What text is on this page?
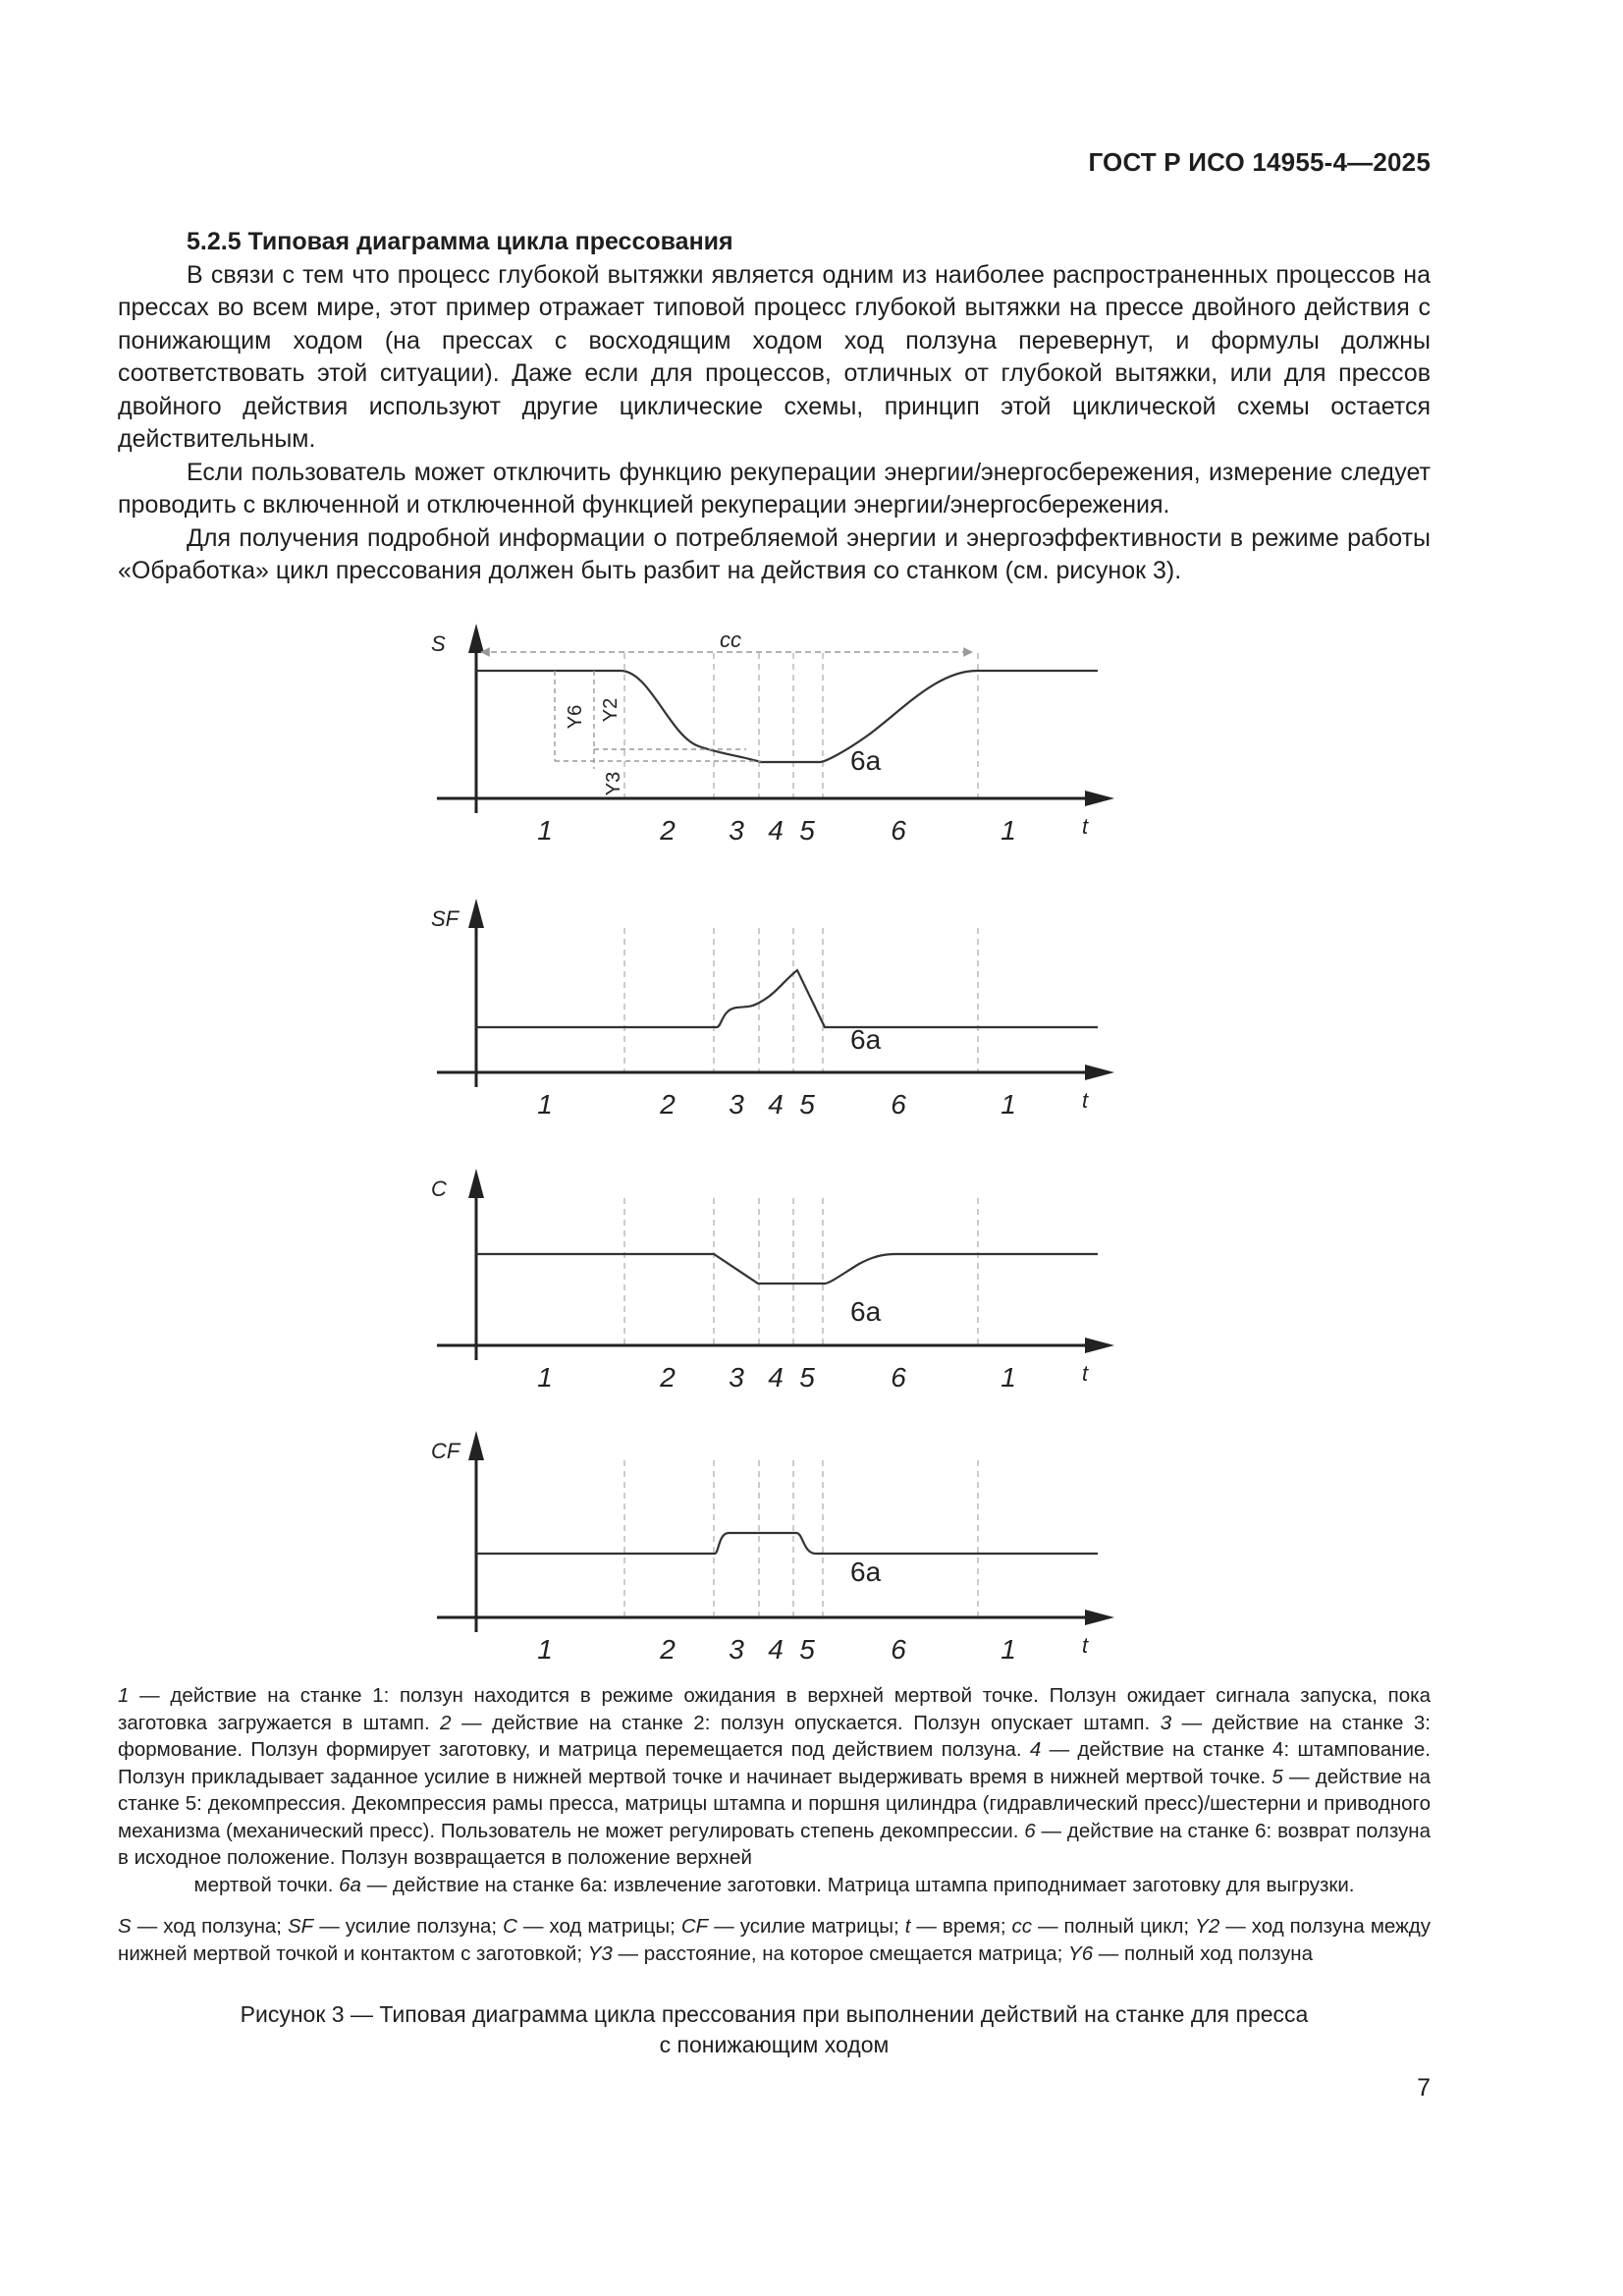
ГОСТ Р ИСО 14955-4—2025
5.2.5 Типовая диаграмма цикла прессования

В связи с тем что процесс глубокой вытяжки является одним из наиболее распространенных процессов на прессах во всем мире, этот пример отражает типовой процесс глубокой вытяжки на прессе двойного действия с понижающим ходом (на прессах с восходящим ходом ход ползуна перевернут, и формулы должны соответствовать этой ситуации). Даже если для процессов, отличных от глубокой вытяжки, или для прессов двойного действия используют другие циклические схемы, принцип этой циклической схемы остается действительным.

Если пользователь может отключить функцию рекуперации энергии/энергосбережения, измерение следует проводить с включенной и отключенной функцией рекуперации энергии/энергосбережения.

Для получения подробной информации о потребляемой энергии и энергоэффективности в режиме работы «Обработка» цикл прессования должен быть разбит на действия со станком (см. рисунок 3).

S
1	2 3 4 5	6	1	t
6а
SF
1	2 3 4 5	6	1	t
6а
C
1	2 3 4 5	6	1	t
6а
CF
1	2 3 4 5	6	1	t
6а
cc
Y6 Y2
Y3

1 — действие на станке 1: ползун находится в режиме ожидания в верхней мертвой точке. Ползун ожидает сигнала запуска, пока заготовка загружается в штамп. 2 — действие на станке 2: ползун опускается. Ползун опускает штамп. 3 — действие на станке 3: формование. Ползун формирует заготовку, и матрица перемещается под действием ползуна. 4 — действие на станке 4: штампование. Ползун прикладывает заданное усилие в нижней мертвой точке и начинает выдерживать время в нижней мертвой точке. 5 — действие на станке 5: декомпрессия. Декомпрессия рамы пресса, матрицы штампа и поршня цилиндра (гидравлический пресс)/шестерни и приводного механизма (механический пресс). Пользователь не может регулировать степень декомпрессии. 6 — действие на станке 6: возврат ползуна в исходное положение. Ползун возвращается в положение верхней

мертвой точки. 6а — действие на станке 6а: извлечение заготовки. Матрица штампа приподнимает заготовку для выгрузки.

S — ход ползуна; SF — усилие ползуна; C — ход матрицы; CF — усилие матрицы; t — время; cc — полный цикл; Y2 — ход ползуна между нижней мертвой точкой и контактом с заготовкой; Y3 — расстояние, на которое смещается матрица; Y6 — полный ход ползуна

Рисунок 3 — Типовая диаграмма цикла прессования при выполнении действий на станке для пресса
с понижающим ходом
7
